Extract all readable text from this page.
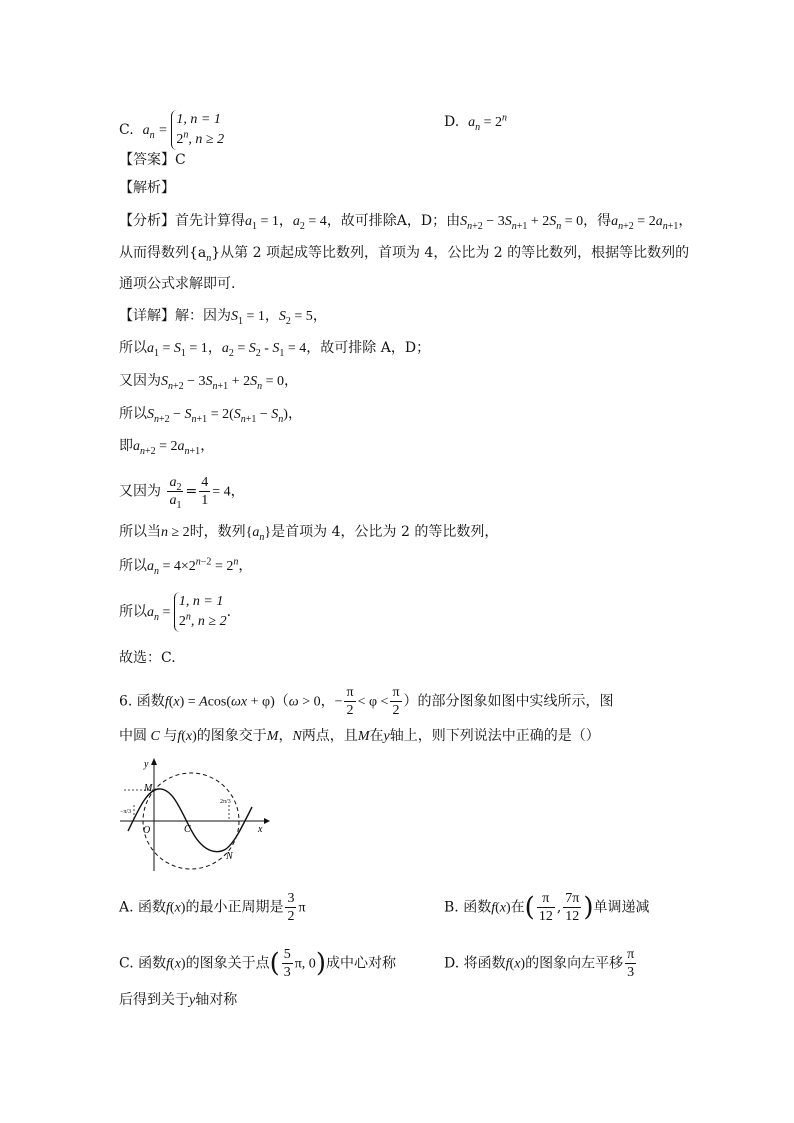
C. $a_n = 1$, n = 1
2$^n$, n ≥ 2
D. $a_n = 2^n$
【答案】C
【解析】
【分析】首先计算得$a_1 = 1$，$a_2 = 4$，故可排除A，D；由$S_{n+2} - 3S_{n+1} + 2S_n = 0$，得$a_{n+2} = 2a_{n+1}$，
从而得数列$\{a_n\}$从第 2 项起成等比数列，首项为 4，公比为 2 的等比数列，根据等比数列的
通项公式求解即可.
【详解】解：因为$S_1 = 1$，$S_2 = 5$，
所以$a_1 = S_1 = 1$，$a_2 = S_2 - S_1 = 4$，故可排除 A，D；
又因为$S_{n+2} - 3S_{n+1} + 2S_n = 0$，
所以$S_{n+2} - S_{n+1} = 2(S_{n+1} - S_n)$，
即$a_{n+2} = 2a_{n+1}$，
又因为 $\frac{a_2}{a_1} = \frac{4}{1} = 4$，
所以当n ≥ 2时，数列$\{a_n\}$是首项为 4，公比为 2 的等比数列，
所以$a_n = 4\times 2^{n-2} = 2^n$，
所以$a_n = 1$, n = 1
2$^n$, n ≥ 2.
故选：C.
6. 函数f(x) = Acos(ωx + φ)（ω > 0，− $\frac{\pi}{2} < \varphi < \frac{\pi}{2}$ ）的部分图象如图中实线所示，图
中圆 C 与f(x)的图象交于M，N两点，且M在y轴上，则下列说法中正确的是（）
y
M
O	C	x
N
−π/3
2π/3
A. 函数f(x)的最小正周期是 $\frac{3}{2}$ π	B. 函数f(x)在( $\frac{\pi}{12}$ , $\frac{7\pi}{12}$ )单调递减
C. 函数f(x)的图象关于点( $\frac{5}{3} \pi$, 0)成中心对称	D. 将函数f(x)的图象向左平移 $\frac{\pi}{3}$
后得到关于y轴对称
